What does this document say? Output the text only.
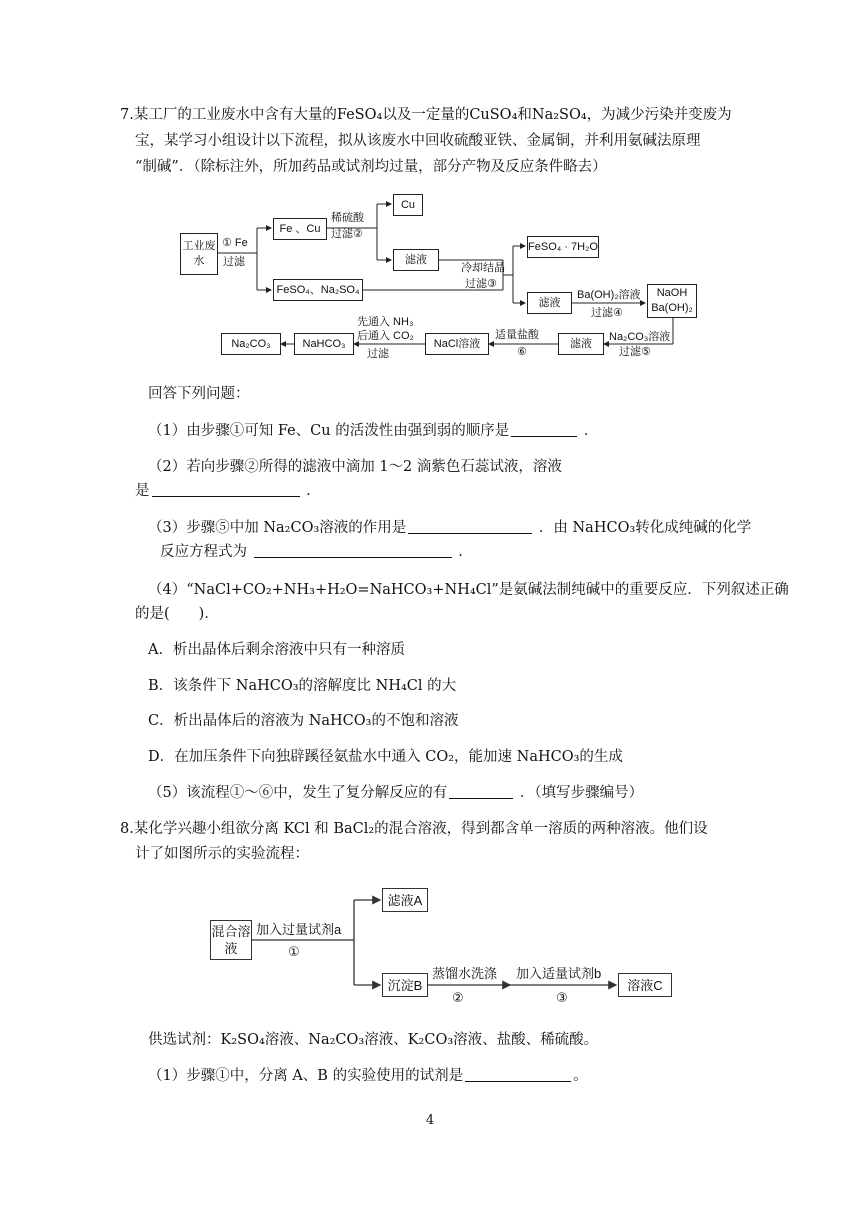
7.某工厂的工业废水中含有大量的FeSO₄以及一定量的CuSO₄和Na₂SO₄，为减少污染并变废为
宝，某学习小组设计以下流程，拟从该废水中回收硫酸亚铁、金属铜，并利用氨碱法原理
“制碱”．（除标注外，所加药品或试剂均过量，部分产物及反应条件略去）
工业废水
① Fe
过滤
Fe 、Cu
稀硫酸
过滤②
Cu
滤液
FeSO₄、Na₂SO₄
冷却结晶
过滤③
FeSO₄ · 7H₂O
滤液
Ba(OH)₂溶液
过滤④
NaOH
Ba(OH)₂
Na₂CO₃溶液
过滤⑤
滤液
适量盐酸
⑥
NaCl溶液
先通入 NH₃
后通入 CO₂
过滤
NaHCO₃
Na₂CO₃
回答下列问题：
（1）由步骤①可知 Fe、Cu 的活泼性由强到弱的顺序是	．
（2）若向步骤②所得的滤液中滴加 1～2 滴紫色石蕊试液，溶液
是	．
（3）步骤⑤中加 Na₂CO₃溶液的作用是	．由 NaHCO₃转化成纯碱的化学
反应方程式为	．
（4）“NaCl+CO₂+NH₃+H₂O=NaHCO₃+NH₄Cl”是氨碱法制纯碱中的重要反应．下列叙述正确
的是(　　)．
A．析出晶体后剩余溶液中只有一种溶质
B．该条件下 NaHCO₃的溶解度比 NH₄Cl 的大
C．析出晶体后的溶液为 NaHCO₃的不饱和溶液
D．在加压条件下向独辟蹊径氨盐水中通入 CO₂，能加速 NaHCO₃的生成
（5）该流程①～⑥中，发生了复分解反应的有	．（填写步骤编号）
8.某化学兴趣小组欲分离 KCl 和 BaCl₂的混合溶液，得到都含单一溶质的两种溶液。他们设
计了如图所示的实验流程：
混合溶液
加入过量试剂a
①
滤液A
沉淀B
蒸馏水洗涤
②
加入适量试剂b
③
溶液C
供选试剂：K₂SO₄溶液、Na₂CO₃溶液、K₂CO₃溶液、盐酸、稀硫酸。
（1）步骤①中，分离 A、B 的实验使用的试剂是	。
4
